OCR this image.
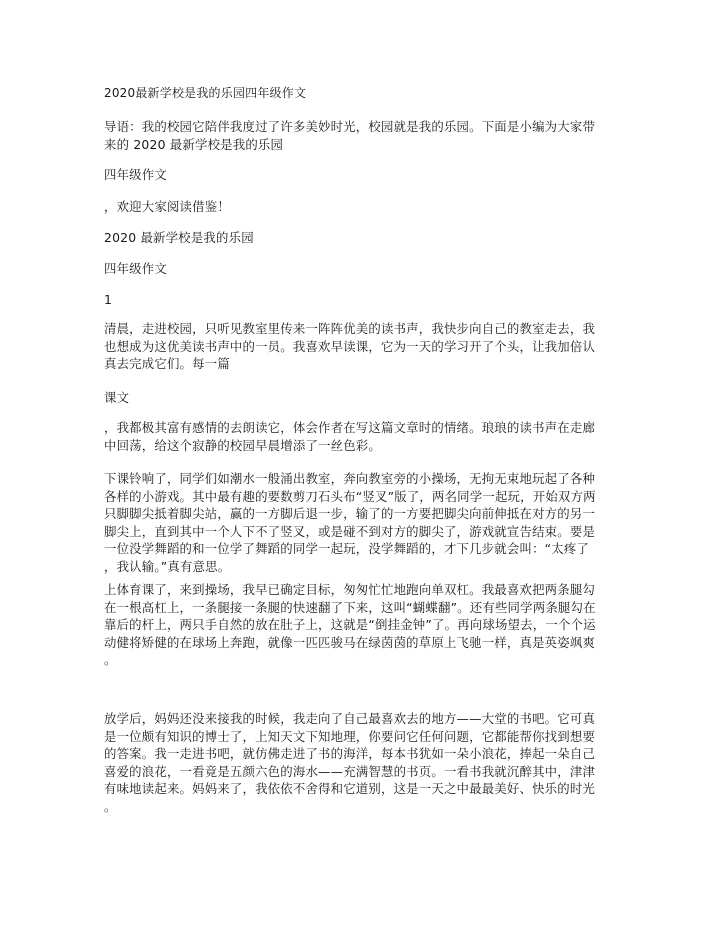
2020最新学校是我的乐园四年级作文

导语：我的校园它陪伴我度过了许多美妙时光，校园就是我的乐园。下面是小编为大家带
来的 2020 最新学校是我的乐园

四年级作文

，欢迎大家阅读借鉴！

2020 最新学校是我的乐园

四年级作文

1

清晨，走进校园，只听见教室里传来一阵阵优美的读书声，我快步向自己的教室走去，我
也想成为这优美读书声中的一员。我喜欢早读课，它为一天的学习开了个头，让我加倍认
真去完成它们。每一篇

课文

，我都极其富有感情的去朗读它，体会作者在写这篇文章时的情绪。琅琅的读书声在走廊
中回荡，给这个寂静的校园早晨增添了一丝色彩。

下课铃响了，同学们如潮水一般涌出教室，奔向教室旁的小操场，无拘无束地玩起了各种
各样的小游戏。其中最有趣的要数剪刀石头布“竖叉”版了，两名同学一起玩，开始双方两
只脚脚尖抵着脚尖站，赢的一方脚后退一步，输了的一方要把脚尖向前伸抵在对方的另一
脚尖上，直到其中一个人下不了竖叉，或是碰不到对方的脚尖了，游戏就宣告结束。要是
一位没学舞蹈的和一位学了舞蹈的同学一起玩，没学舞蹈的，才下几步就会叫：“太疼了
，我认输。”真有意思。

上体育课了，来到操场，我早已确定目标，匆匆忙忙地跑向单双杠。我最喜欢把两条腿勾
在一根高杠上，一条腿接一条腿的快速翻了下来，这叫“蝴蝶翻”。还有些同学两条腿勾在
靠后的杆上，两只手自然的放在肚子上，这就是“倒挂金钟”了。再向球场望去，一个个运
动健将矫健的在球场上奔跑，就像一匹匹骏马在绿茵茵的草原上飞驰一样，真是英姿飒爽
。

放学后，妈妈还没来接我的时候，我走向了自己最喜欢去的地方——大堂的书吧。它可真
是一位颇有知识的博士了，上知天文下知地理，你要问它任何问题，它都能帮你找到想要
的答案。我一走进书吧，就仿佛走进了书的海洋，每本书犹如一朵小浪花，捧起一朵自己
喜爱的浪花，一看竟是五颜六色的海水——充满智慧的书页。一看书我就沉醉其中，津津
有味地读起来。妈妈来了，我依依不舍得和它道别，这是一天之中最最美好、快乐的时光
。
